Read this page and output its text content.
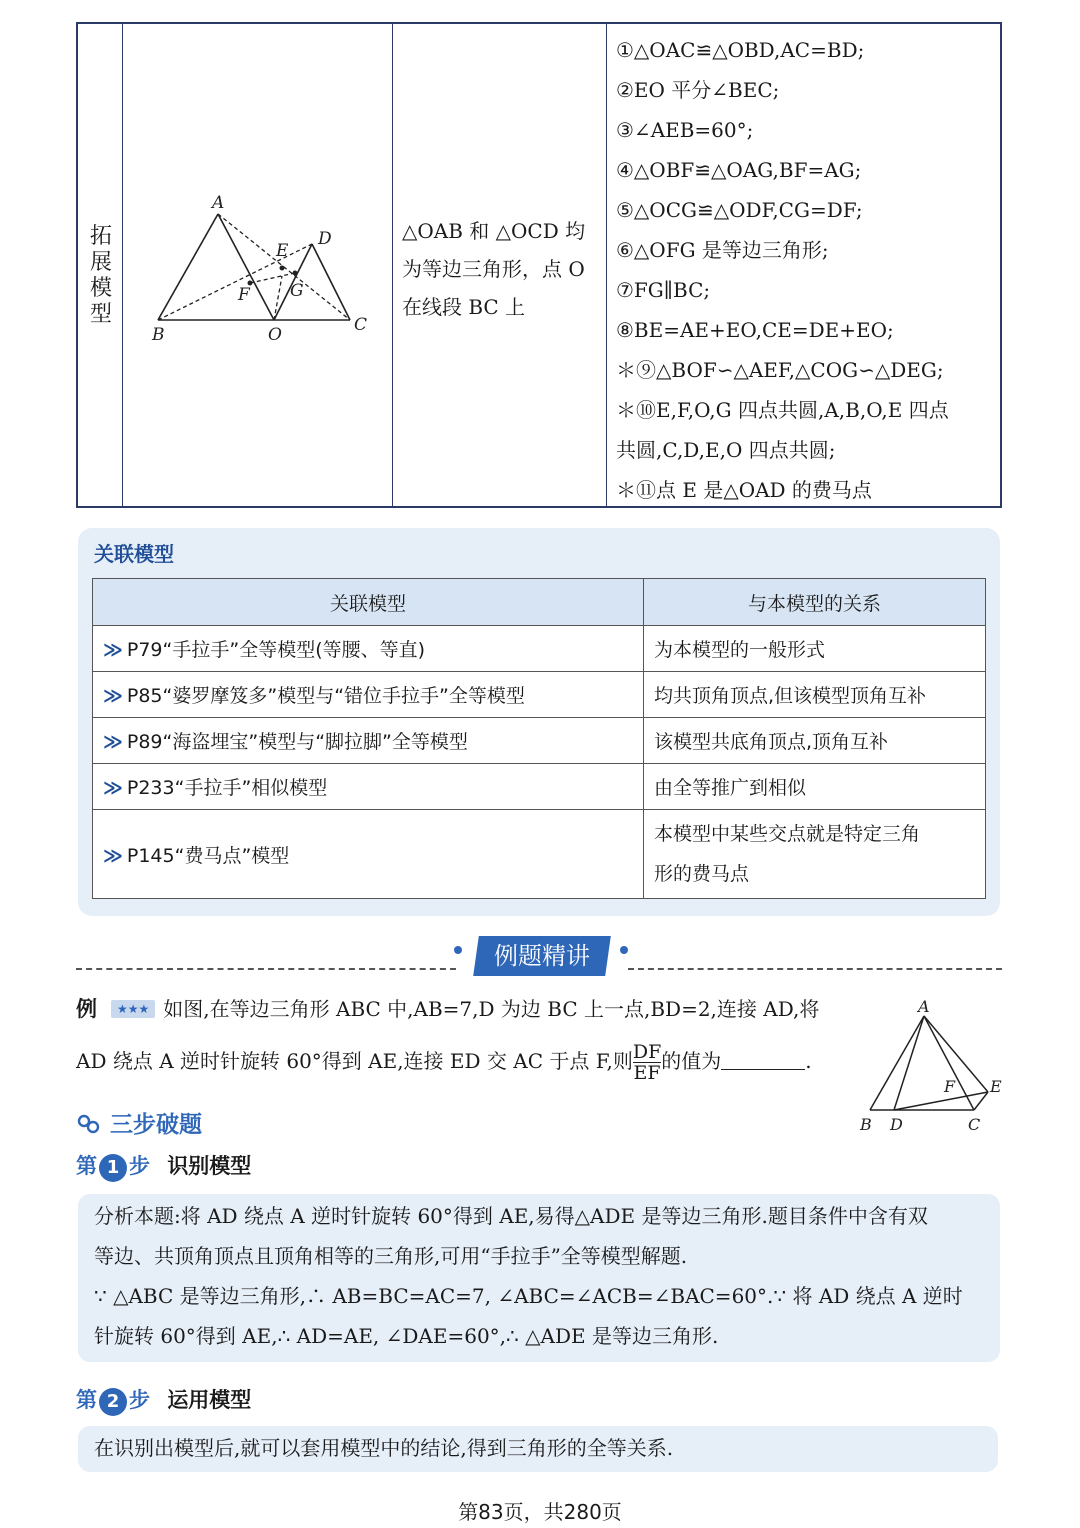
拓
展
模
型
A
E
D
F G
B	O	C
△OAB 和 △OCD 均
为等边三角形，点 O
在线段 BC 上
①△OAC≌△OBD,AC=BD;
②EO 平分∠BEC;
③∠AEB=60°;
④△OBF≌△OAG,BF=AG;
⑤△OCG≌△ODF,CG=DF;
⑥△OFG 是等边三角形;
⑦FG∥BC;
⑧BE=AE+EO,CE=DE+EO;
＊⑨△BOF∽△AEF,△COG∽△DEG;
＊⑩E,F,O,G 四点共圆,A,B,O,E 四点
共圆,C,D,E,O 四点共圆;
＊⑪点 E 是△OAD 的费马点
关联模型
关联模型	与本模型的关系
≫ P79“手拉手”全等模型(等腰、等直)	为本模型的一般形式
≫ P85“婆罗摩笈多”模型与“错位手拉手”全等模型	均共顶角顶点,但该模型顶角互补
≫ P89“海盗埋宝”模型与“脚拉脚”全等模型	该模型共底角顶点,顶角互补
≫ P233“手拉手”相似模型	由全等推广到相似
≫ P145“费马点”模型	本模型中某些交点就是特定三角
形的费马点
例题精讲
例 ★★★ 如图,在等边三角形 ABC 中,AB=7,D 为边 BC 上一点,BD=2,连接 AD,将
AD 绕点 A 逆时针旋转 60°得到 AE,连接 ED 交 AC 于点 F,则 $\frac{DF}{EF}$ 的值为	.
A
F E
B D	C
三步破题
第 1 步 识别模型
分析本题:将 AD 绕点 A 逆时针旋转 60°得到 AE,易得△ADE 是等边三角形.题目条件中含有双
等边、共顶角顶点且顶角相等的三角形,可用“手拉手”全等模型解题.
∵ △ABC 是等边三角形,∴ AB=BC=AC=7, ∠ABC=∠ACB=∠BAC=60°.∵ 将 AD 绕点 A 逆时
针旋转 60°得到 AE,∴ AD=AE, ∠DAE=60°,∴ △ADE 是等边三角形.
第 2 步 运用模型
在识别出模型后,就可以套用模型中的结论,得到三角形的全等关系.
第83页，共280页
